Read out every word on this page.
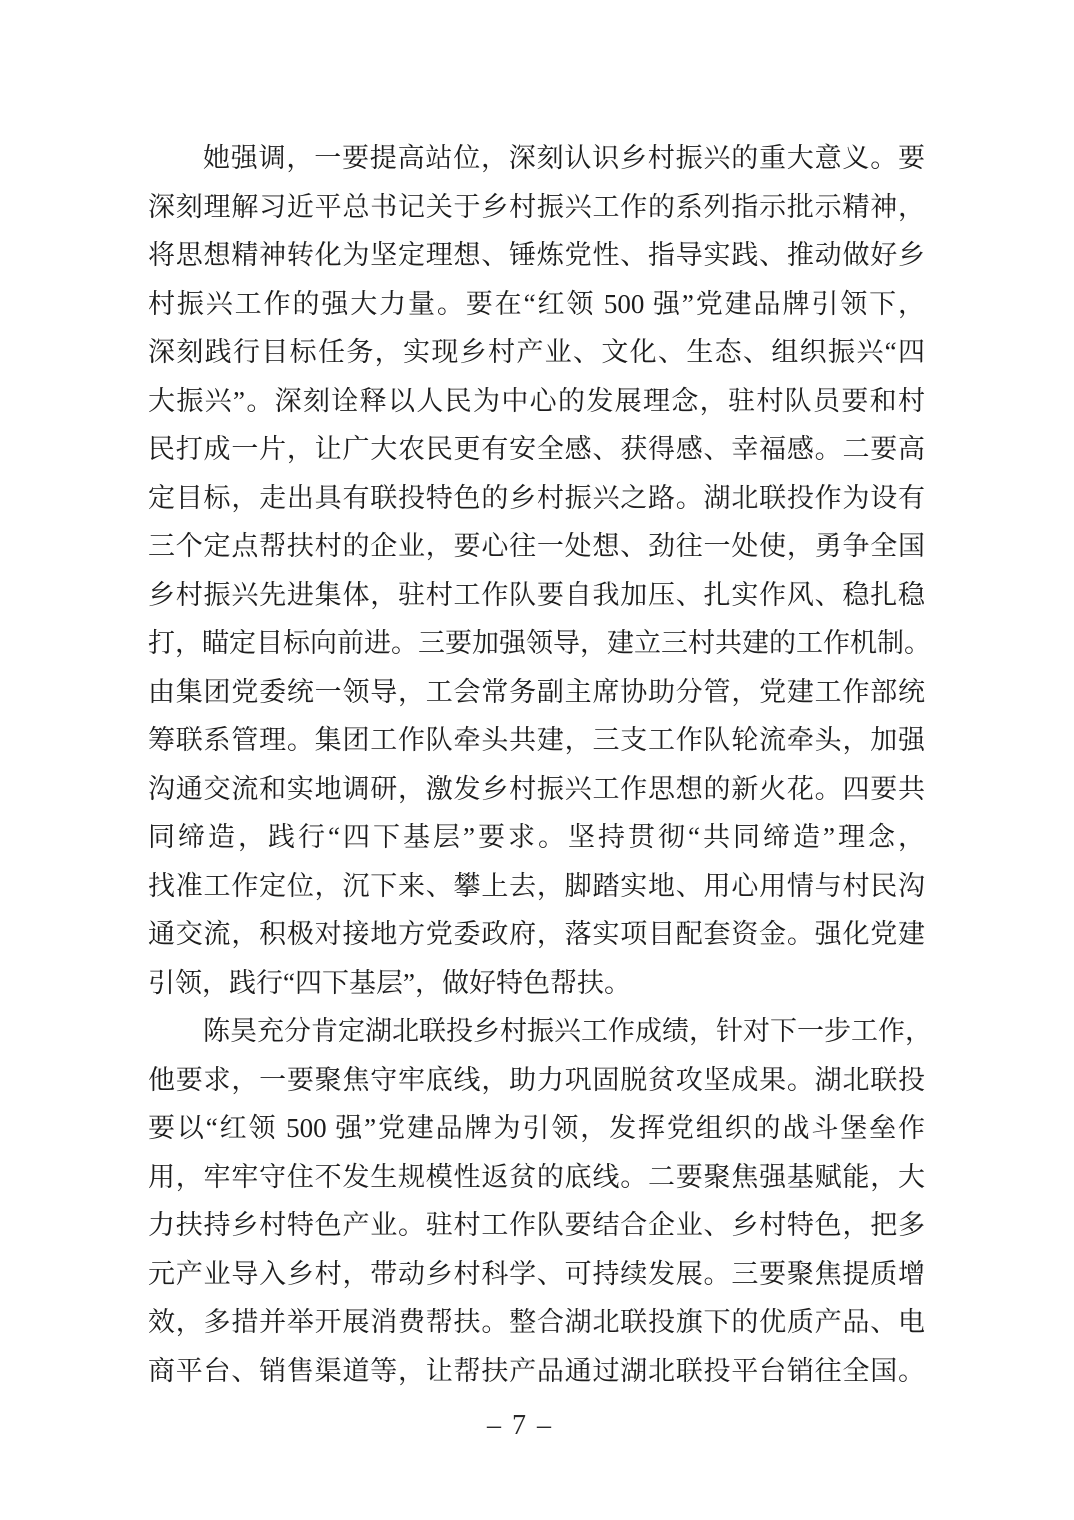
她强调，一要提高站位，深刻认识乡村振兴的重大意义。要
深刻理解习近平总书记关于乡村振兴工作的系列指示批示精神，
将思想精神转化为坚定理想、锤炼党性、指导实践、推动做好乡
村振兴工作的强大力量。要在“红领 500 强”党建品牌引领下，
深刻践行目标任务，实现乡村产业、文化、生态、组织振兴“四
大振兴”。深刻诠释以人民为中心的发展理念，驻村队员要和村
民打成一片，让广大农民更有安全感、获得感、幸福感。二要高
定目标，走出具有联投特色的乡村振兴之路。湖北联投作为设有
三个定点帮扶村的企业，要心往一处想、劲往一处使，勇争全国
乡村振兴先进集体，驻村工作队要自我加压、扎实作风、稳扎稳
打，瞄定目标向前进。三要加强领导，建立三村共建的工作机制。
由集团党委统一领导，工会常务副主席协助分管，党建工作部统
筹联系管理。集团工作队牵头共建，三支工作队轮流牵头，加强
沟通交流和实地调研，激发乡村振兴工作思想的新火花。四要共
同缔造，践行“四下基层”要求。坚持贯彻“共同缔造”理念，
找准工作定位，沉下来、攀上去，脚踏实地、用心用情与村民沟
通交流，积极对接地方党委政府，落实项目配套资金。强化党建
引领，践行“四下基层”，做好特色帮扶。
陈昊充分肯定湖北联投乡村振兴工作成绩，针对下一步工作，
他要求，一要聚焦守牢底线，助力巩固脱贫攻坚成果。湖北联投
要以“红领 500 强”党建品牌为引领，发挥党组织的战斗堡垒作
用，牢牢守住不发生规模性返贫的底线。二要聚焦强基赋能，大
力扶持乡村特色产业。驻村工作队要结合企业、乡村特色，把多
元产业导入乡村，带动乡村科学、可持续发展。三要聚焦提质增
效，多措并举开展消费帮扶。整合湖北联投旗下的优质产品、电
商平台、销售渠道等，让帮扶产品通过湖北联投平台销往全国。
– 7 –
